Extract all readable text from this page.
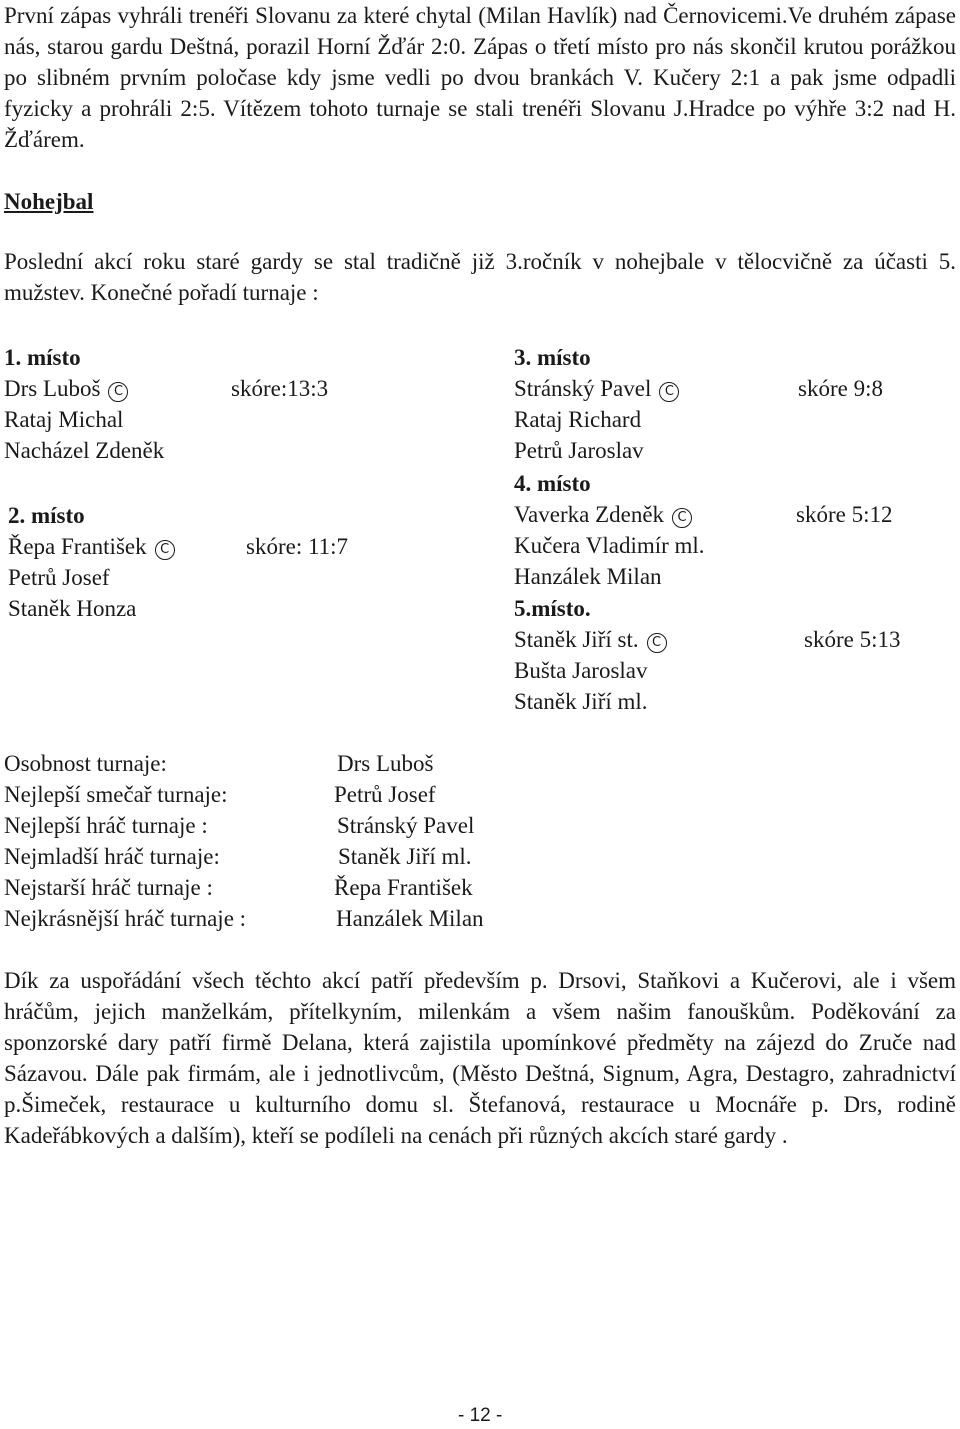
První zápas vyhráli trenéři Slovanu za které chytal (Milan Havlík) nad Černovicemi.Ve druhém zápase nás, starou gardu Deštná, porazil Horní Žďár 2:0. Zápas o třetí místo pro nás skončil krutou porážkou po slibném prvním poločase kdy jsme vedli po dvou brankách V. Kučery 2:1 a pak jsme odpadli fyzicky a prohráli 2:5. Vítězem tohoto turnaje se stali trenéři Slovanu J.Hradce po výhře 3:2 nad H. Žďárem.

Nohejbal

Poslední akcí roku staré gardy se stal tradičně již 3.ročník v nohejbale v tělocvičně za účasti 5. mužstev. Konečné pořadí turnaje :

1. místo
Drs Luboš C	skóre:13:3
Rataj Michal
Nacházel Zdeněk
2. místo
Řepa František C	skóre: 11:7
Petrů Josef
Staněk Honza
3. místo
Stránský Pavel C	skóre 9:8
Rataj Richard
Petrů Jaroslav
4. místo
Vaverka Zdeněk C	skóre 5:12
Kučera Vladimír ml.
Hanzálek Milan
5.místo.
Staněk Jiří st. C	skóre 5:13
Bušta Jaroslav
Staněk Jiří ml.
Osobnost turnaje:	Drs Luboš
Nejlepší smečař turnaje:	Petrů Josef
Nejlepší hráč turnaje :	Stránský Pavel
Nejmladší hráč turnaje:	Staněk Jiří ml.
Nejstarší hráč turnaje :	Řepa František
Nejkrásnější hráč turnaje :	Hanzálek Milan

Dík za uspořádání všech těchto akcí patří především p. Drsovi, Staňkovi a Kučerovi, ale i všem hráčům, jejich manželkám, přítelkyním, milenkám a všem našim fanouškům. Poděkování za sponzorské dary patří firmě Delana, která zajistila upomínkové předměty na zájezd do Zruče nad Sázavou. Dále pak firmám, ale i jednotlivcům, (Město Deštná, Signum, Agra, Destagro, zahradnictví p.Šimeček, restaurace u kulturního domu sl. Štefanová, restaurace u Mocnáře p. Drs, rodině Kadeřábkových a dalším), kteří se podíleli na cenách při různých akcích staré gardy .

- 12 -
